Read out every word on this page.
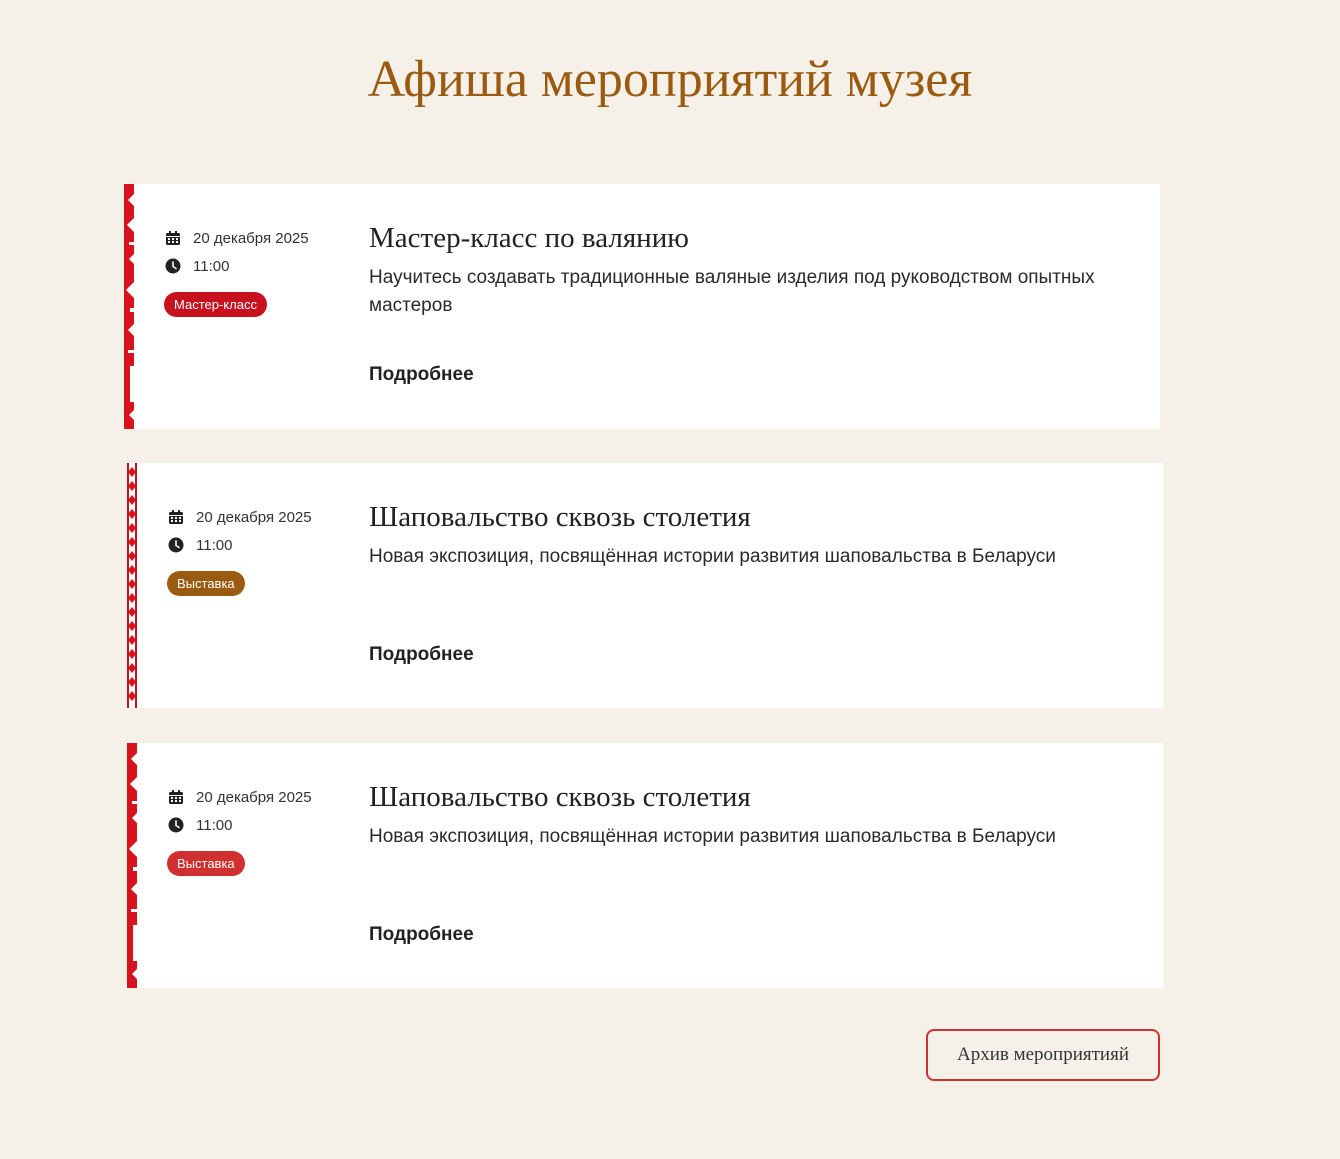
Афиша мероприятий музея
20 декабря 2025
11:00
Мастер-класс
Мастер-класс по валянию

Научитесь создавать традиционные валяные изделия под руководством опытных мастеров

Подробнее
20 декабря 2025
11:00
Выставка
Шаповальство сквозь столетия

Новая экспозиция, посвящённая истории развития шаповальства в Беларуси

Подробнее
20 декабря 2025
11:00
Выставка
Шаповальство сквозь столетия

Новая экспозиция, посвящённая истории развития шаповальства в Беларуси

Подробнее
Архив мероприятияй
